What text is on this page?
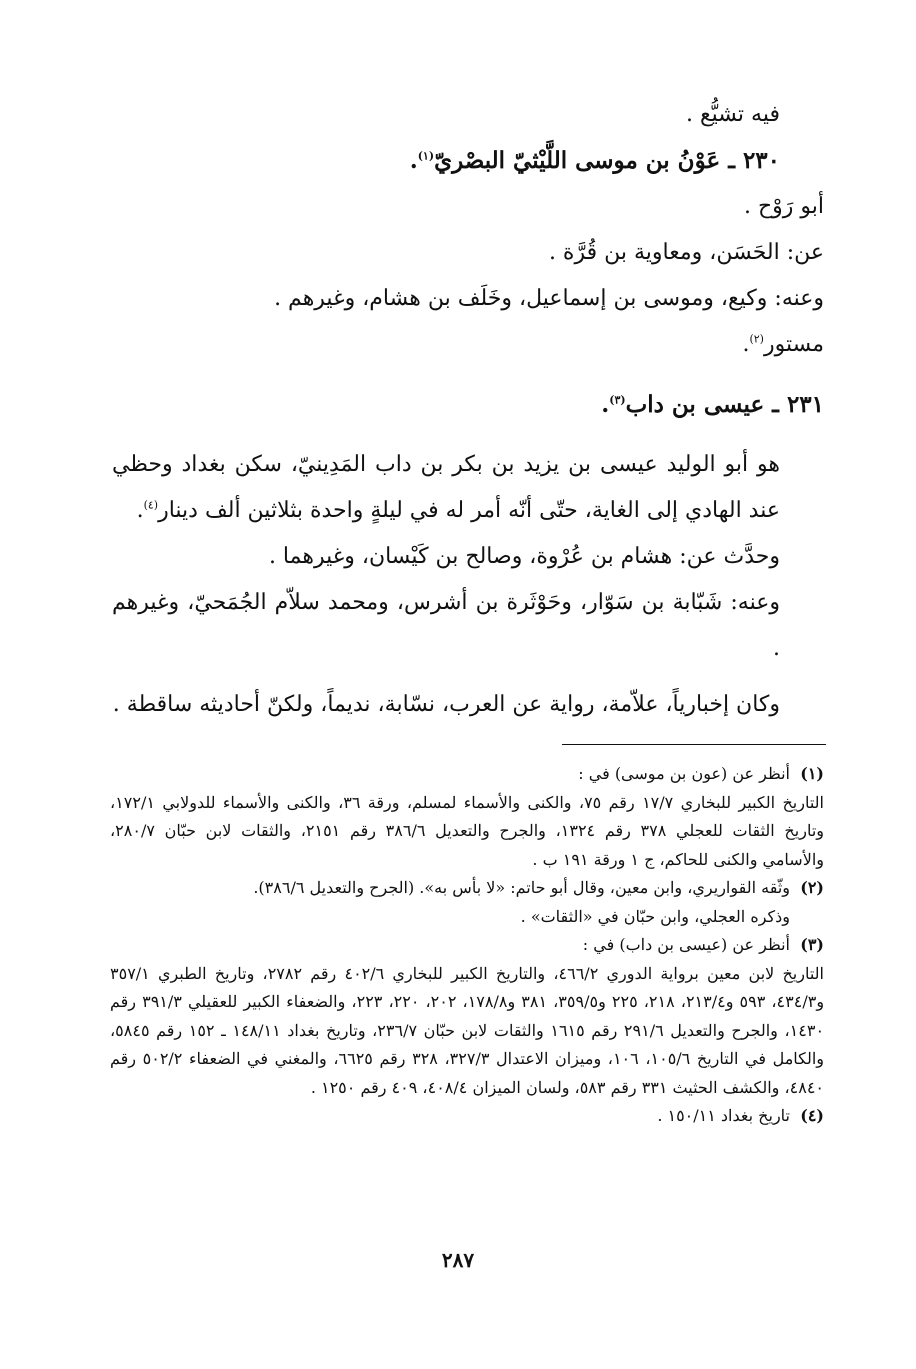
فيه تشيُّع .

٢٣٠ ـ عَوْنُ بن موسى اللَّيْثيّ البصْريّ$^{(١)}$.

أبو رَوْح .

عن: الحَسَن، ومعاوية بن قُرَّة .

وعنه: وكيع، وموسى بن إسماعيل، وخَلَف بن هشام، وغيرهم .

مستور$^{(٢)}$.

٢٣١ ـ عيسى بن داب$^{(٣)}$.

هو أبو الوليد عيسى بن يزيد بن بكر بن داب المَدِينيّ، سكن بغداد وحظي عند الهادي إلى الغاية، حتّى أنّه أمر له في ليلةٍ واحدة بثلاثين ألف دينار$^{(٤)}$.

وحدَّث عن: هشام بن عُرْوة، وصالح بن كَيْسان، وغيرهما .

وعنه: شَبّابة بن سَوّار، وحَوْثَرة بن أشرس، ومحمد سلاّم الجُمَحيّ، وغيرهم .

وكان إخبارياً، علاّمة، رواية عن العرب، نسّابة، نديماً، ولكنّ أحاديثه ساقطة .

(١)

أنظر عن (عون بن موسى) في :

التاريخ الكبير للبخاري ١٧/٧ رقم ٧٥، والكنى والأسماء لمسلم، ورقة ٣٦، والكنى والأسماء للدولابي ١٧٢/١، وتاريخ الثقات للعجلي ٣٧٨ رقم ١٣٢٤، والجرح والتعديل ٣٨٦/٦ رقم ٢١٥١، والثقات لابن حبّان ٢٨٠/٧، والأسامي والكنى للحاكم، ج ١ ورقة ١٩١ ب .

(٢)

وثّقه القواريري، وابن معين، وقال أبو حاتم: «لا بأس به». (الجرح والتعديل ٣٨٦/٦).

وذكره العجلي، وابن حبّان في «الثقات» .

(٣)

أنظر عن (عيسى بن داب) في :

التاريخ لابن معين برواية الدوري ٤٦٦/٢، والتاريخ الكبير للبخاري ٤٠٢/٦ رقم ٢٧٨٢، وتاريخ الطبري ٣٥٧/١ و٤٣٤/٣، ٥٩٣ و٢١٣/٤، ٢١٨، ٢٢٥ و٣٥٩/٥، ٣٨١ و١٧٨/٨، ٢٠٢، ٢٢٠، ٢٢٣، والضعفاء الكبير للعقيلي ٣٩١/٣ رقم ١٤٣٠، والجرح والتعديل ٢٩١/٦ رقم ١٦١٥ والثقات لابن حبّان ٢٣٦/٧، وتاريخ بغداد ١٤٨/١١ ـ ١٥٢ رقم ٥٨٤٥، والكامل في التاريخ ١٠٥/٦، ١٠٦، وميزان الاعتدال ٣٢٧/٣، ٣٢٨ رقم ٦٦٢٥، والمغني في الضعفاء ٥٠٢/٢ رقم ٤٨٤٠، والكشف الحثيث ٣٣١ رقم ٥٨٣، ولسان الميزان ٤٠٨/٤، ٤٠٩ رقم ١٢٥٠ .

(٤)

تاريخ بغداد ١٥٠/١١ .

٢٨٧
